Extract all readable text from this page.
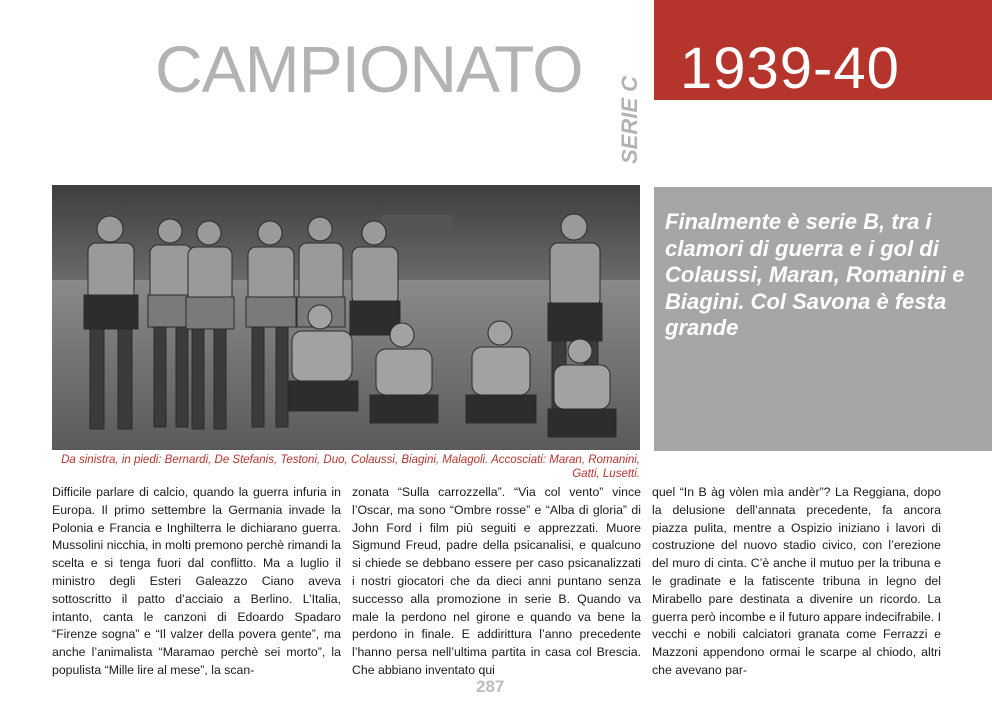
CAMPIONATO
SERIE C
1939-40
Da sinistra, in piedi: Bernardi, De Stefanis, Testoni, Duo, Colaussi, Biagini, Malagoli. Accosciati: Maran, Romanini, Gatti, Lusetti.

Finalmente è serie B, tra i clamori di guerra e i gol di Colaussi, Maran, Romanini e Biagini. Col Savona è festa grande

Difficile parlare di calcio, quando la guerra infuria in Europa. Il primo settembre la Germania invade la Polonia e Francia e Inghilterra le dichiarano guerra. Mussolini nicchia, in molti premono perchè rimandi la scelta e si tenga fuori dal conflitto. Ma a luglio il ministro degli Esteri Galeazzo Ciano aveva sottoscritto il patto d’acciaio a Berlino. L’Italia, intanto, canta le canzoni di Edoardo Spadaro “Firenze sogna” e “Il valzer della povera gente”, ma anche l’animalista “Maramao perchè sei morto”, la populista “Mille lire al mese”, la scan-

zonata “Sulla carrozzella”. “Via col vento” vince l’Oscar, ma sono “Ombre rosse” e “Alba di gloria” di John Ford i film più seguiti e apprezzati. Muore Sigmund Freud, padre della psicanalisi, e qualcuno si chiede se debbano essere per caso psicanalizzati i nostri giocatori che da dieci anni puntano senza successo alla promozione in serie B. Quando va male la perdono nel girone e quando va bene la perdono in finale. E addirittura l’anno precedente l’hanno persa nell’ultima partita in casa col Brescia. Che abbiano inventato qui

quel “In B àg vòlen mìa andèr”? La Reggiana, dopo la delusione dell’annata precedente, fa ancora piazza pulita, mentre a Ospizio iniziano i lavori di costruzione del nuovo stadio civico, con l’erezione del muro di cinta. C’è anche il mutuo per la tribuna e le gradinate e la fatiscente tribuna in legno del Mirabello pare destinata a divenire un ricordo. La guerra però incombe e il futuro appare indecifrabile. I vecchi e nobili calciatori granata come Ferrazzi e Mazzoni appendono ormai le scarpe al chiodo, altri che avevano par-

287
